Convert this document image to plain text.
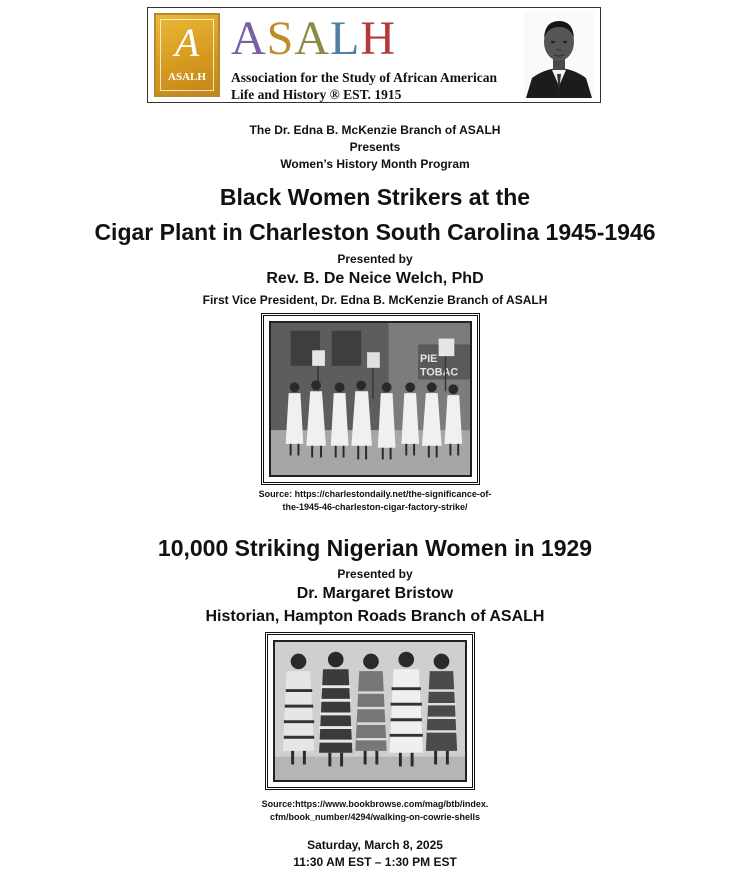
A
ASALH
ASALH
Association for the Study of African American
Life and History ® EST. 1915
The Dr. Edna B. McKenzie Branch of ASALH
Presents
Women’s History Month Program
Black Women Strikers at the
Cigar Plant in Charleston South Carolina 1945-1946
Presented by
Rev. B. De Neice Welch, PhD
First Vice President, Dr. Edna B. McKenzie Branch of ASALH
PIE
TOBAC
Source: https://charlestondaily.net/the-significance-of-
the-1945-46-charleston-cigar-factory-strike/
10,000 Striking Nigerian Women in 1929
Presented by
Dr. Margaret Bristow
Historian, Hampton Roads Branch of ASALH
Source:https://www.bookbrowse.com/mag/btb/index.
cfm/book_number/4294/walking-on-cowrie-shells
Saturday, March 8, 2025
11:30 AM EST – 1:30 PM EST
